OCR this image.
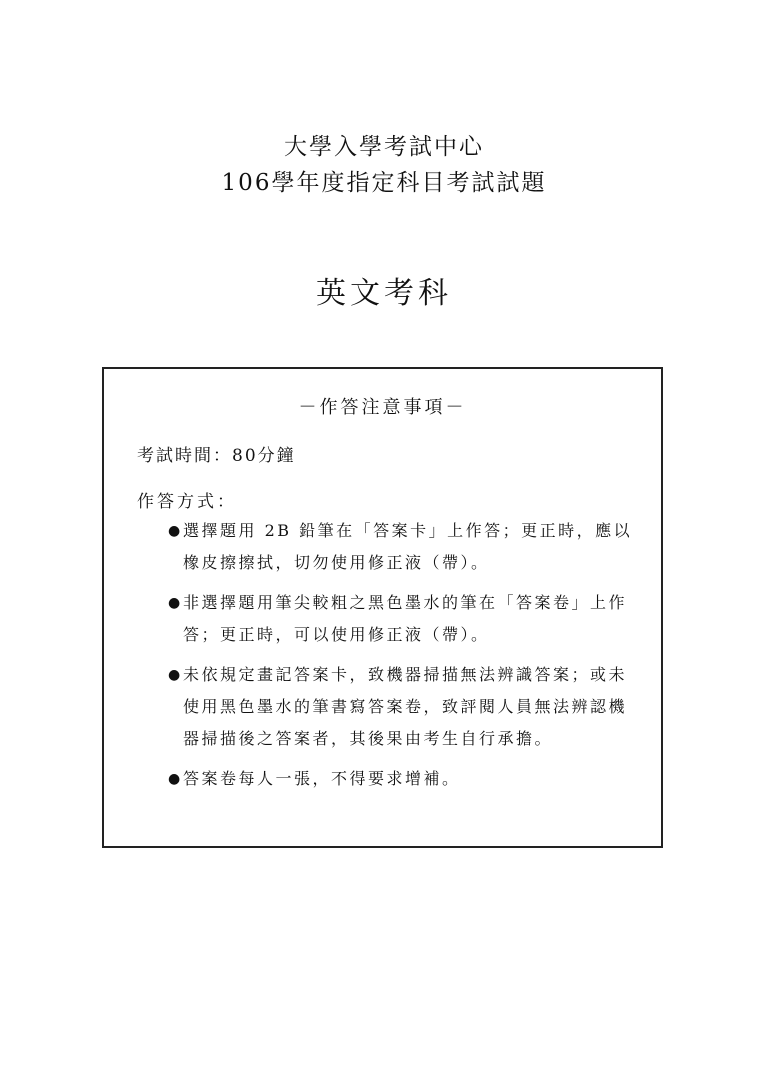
大學入學考試中心
106學年度指定科目考試試題
英文考科
－作答注意事項－
考試時間：80分鐘
作答方式：
● 選擇題用 2B 鉛筆在「答案卡」上作答；更正時，應以橡皮擦擦拭，切勿使用修正液（帶）。
● 非選擇題用筆尖較粗之黑色墨水的筆在「答案卷」上作答；更正時，可以使用修正液（帶）。
● 未依規定畫記答案卡，致機器掃描無法辨識答案；或未使用黑色墨水的筆書寫答案卷，致評閱人員無法辨認機器掃描後之答案者，其後果由考生自行承擔。
● 答案卷每人一張，不得要求增補。
